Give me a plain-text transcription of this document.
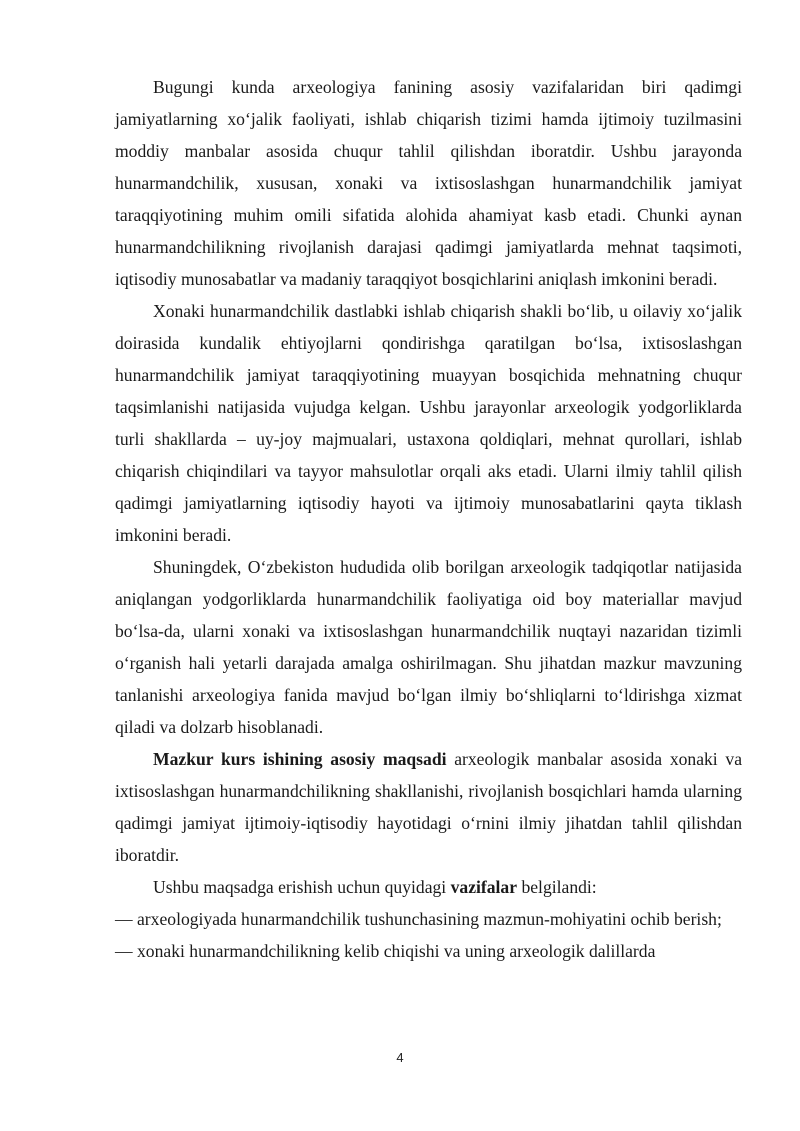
Bugungi kunda arxeologiya fanining asosiy vazifalaridan biri qadimgi jamiyatlarning xo‘jalik faoliyati, ishlab chiqarish tizimi hamda ijtimoiy tuzilmasini moddiy manbalar asosida chuqur tahlil qilishdan iboratdir. Ushbu jarayonda hunarmandchilik, xususan, xonaki va ixtisoslashgan hunarmandchilik jamiyat taraqqiyotining muhim omili sifatida alohida ahamiyat kasb etadi. Chunki aynan hunarmandchilikning rivojlanish darajasi qadimgi jamiyatlarda mehnat taqsimoti, iqtisodiy munosabatlar va madaniy taraqqiyot bosqichlarini aniqlash imkonini beradi.

Xonaki hunarmandchilik dastlabki ishlab chiqarish shakli bo‘lib, u oilaviy xo‘jalik doirasida kundalik ehtiyojlarni qondirishga qaratilgan bo‘lsa, ixtisoslashgan hunarmandchilik jamiyat taraqqiyotining muayyan bosqichida mehnatning chuqur taqsimlanishi natijasida vujudga kelgan. Ushbu jarayonlar arxeologik yodgorliklarda turli shakllarda – uy-joy majmualari, ustaxona qoldiqlari, mehnat qurollari, ishlab chiqarish chiqindilari va tayyor mahsulotlar orqali aks etadi. Ularni ilmiy tahlil qilish qadimgi jamiyatlarning iqtisodiy hayoti va ijtimoiy munosabatlarini qayta tiklash imkonini beradi.

Shuningdek, O‘zbekiston hududida olib borilgan arxeologik tadqiqotlar natijasida aniqlangan yodgorliklarda hunarmandchilik faoliyatiga oid boy materiallar mavjud bo‘lsa-da, ularni xonaki va ixtisoslashgan hunarmandchilik nuqtayi nazaridan tizimli o‘rganish hali yetarli darajada amalga oshirilmagan. Shu jihatdan mazkur mavzuning tanlanishi arxeologiya fanida mavjud bo‘lgan ilmiy bo‘shliqlarni to‘ldirishga xizmat qiladi va dolzarb hisoblanadi.

Mazkur kurs ishining asosiy maqsadi arxeologik manbalar asosida xonaki va ixtisoslashgan hunarmandchilikning shakllanishi, rivojlanish bosqichlari hamda ularning qadimgi jamiyat ijtimoiy-iqtisodiy hayotidagi o‘rnini ilmiy jihatdan tahlil qilishdan iboratdir.

Ushbu maqsadga erishish uchun quyidagi vazifalar belgilandi:

— arxeologiyada hunarmandchilik tushunchasining mazmun-mohiyatini ochib berish;

— xonaki hunarmandchilikning kelib chiqishi va uning arxeologik dalillarda

4
